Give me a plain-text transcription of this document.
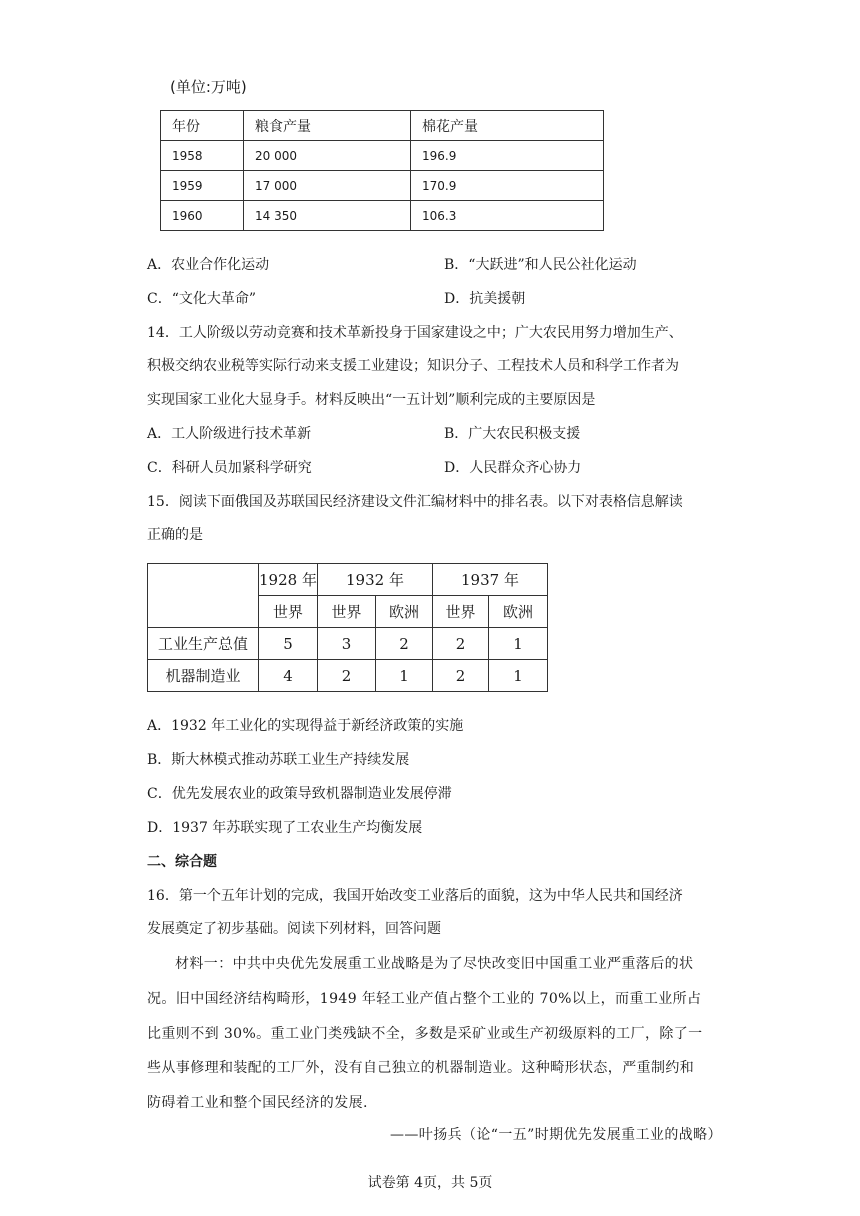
(单位:万吨)
年份	粮食产量	棉花产量
1958	20 000	196.9
1959	17 000	170.9
1960	14 350	106.3
A．农业合作化运动	B．“大跃进”和人民公社化运动
C．“文化大革命”	D．抗美援朝
14．工人阶级以劳动竞赛和技术革新投身于国家建设之中；广大农民用努力增加生产、
积极交纳农业税等实际行动来支援工业建设；知识分子、工程技术人员和科学工作者为
实现国家工业化大显身手。材料反映出“一五计划”顺利完成的主要原因是
A．工人阶级进行技术革新	B．广大农民积极支援
C．科研人员加紧科学研究	D．人民群众齐心协力
15．阅读下面俄国及苏联国民经济建设文件汇编材料中的排名表。以下对表格信息解读
正确的是
	1928 年	1932 年		1937 年	
	世界	世界	欧洲	世界	欧洲
工业生产总值	5	3	2	2	1
机器制造业	4	2	1	2	1
A．1932 年工业化的实现得益于新经济政策的实施
B．斯大林模式推动苏联工业生产持续发展
C．优先发展农业的政策导致机器制造业发展停滞
D．1937 年苏联实现了工农业生产均衡发展
二、综合题
16．第一个五年计划的完成，我国开始改变工业落后的面貌，这为中华人民共和国经济
发展奠定了初步基础。阅读下列材料，回答问题
材料一：中共中央优先发展重工业战略是为了尽快改变旧中国重工业严重落后的状
况。旧中国经济结构畸形，1949 年轻工业产值占整个工业的 70%以上，而重工业所占
比重则不到 30%。重工业门类残缺不全，多数是采矿业或生产初级原料的工厂，除了一
些从事修理和装配的工厂外，没有自己独立的机器制造业。这种畸形状态，严重制约和
防碍着工业和整个国民经济的发展.
——叶扬兵（论“一五”时期优先发展重工业的战略）
试卷第 4页，共 5页
